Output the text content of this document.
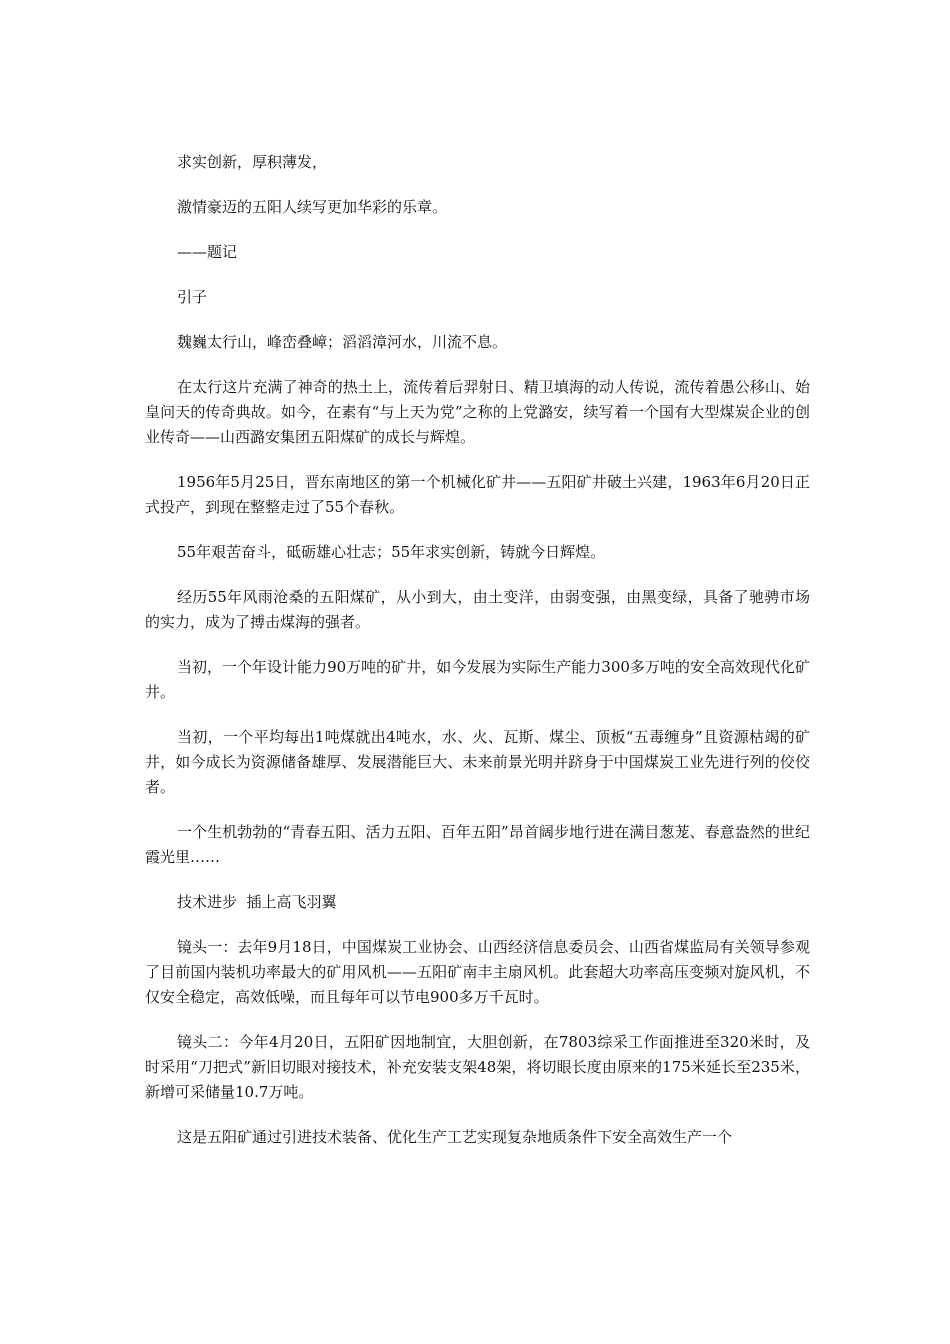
求实创新，厚积薄发，

激情豪迈的五阳人续写更加华彩的乐章。

——题记

引子

魏巍太行山，峰峦叠嶂；滔滔漳河水，川流不息。

在太行这片充满了神奇的热土上，流传着后羿射日、精卫填海的动人传说，流传着愚公移山、始皇问天的传奇典故。如今，在素有“与上天为党”之称的上党潞安，续写着一个国有大型煤炭企业的创业传奇——山西潞安集团五阳煤矿的成长与辉煌。

1956年5月25日，晋东南地区的第一个机械化矿井——五阳矿井破土兴建，1963年6月20日正式投产，到现在整整走过了55个春秋。

55年艰苦奋斗，砥砺雄心壮志；55年求实创新，铸就今日辉煌。

经历55年风雨沧桑的五阳煤矿，从小到大，由土变洋，由弱变强，由黑变绿，具备了驰骋市场的实力，成为了搏击煤海的强者。

当初，一个年设计能力90万吨的矿井，如今发展为实际生产能力300多万吨的安全高效现代化矿井。

当初，一个平均每出1吨煤就出4吨水，水、火、瓦斯、煤尘、顶板“五毒缠身”且资源枯竭的矿井，如今成长为资源储备雄厚、发展潜能巨大、未来前景光明并跻身于中国煤炭工业先进行列的佼佼者。

一个生机勃勃的“青春五阳、活力五阳、百年五阳”昂首阔步地行进在满目葱茏、春意盎然的世纪霞光里……

技术进步  插上高飞羽翼

镜头一：去年9月18日，中国煤炭工业协会、山西经济信息委员会、山西省煤监局有关领导参观了目前国内装机功率最大的矿用风机——五阳矿南丰主扇风机。此套超大功率高压变频对旋风机，不仅安全稳定，高效低噪，而且每年可以节电900多万千瓦时。

镜头二：今年4月20日，五阳矿因地制宜，大胆创新，在7803综采工作面推进至320米时，及时采用“刀把式”新旧切眼对接技术，补充安装支架48架，将切眼长度由原来的175米延长至235米，新增可采储量10.7万吨。

这是五阳矿通过引进技术装备、优化生产工艺实现复杂地质条件下安全高效生产一个
